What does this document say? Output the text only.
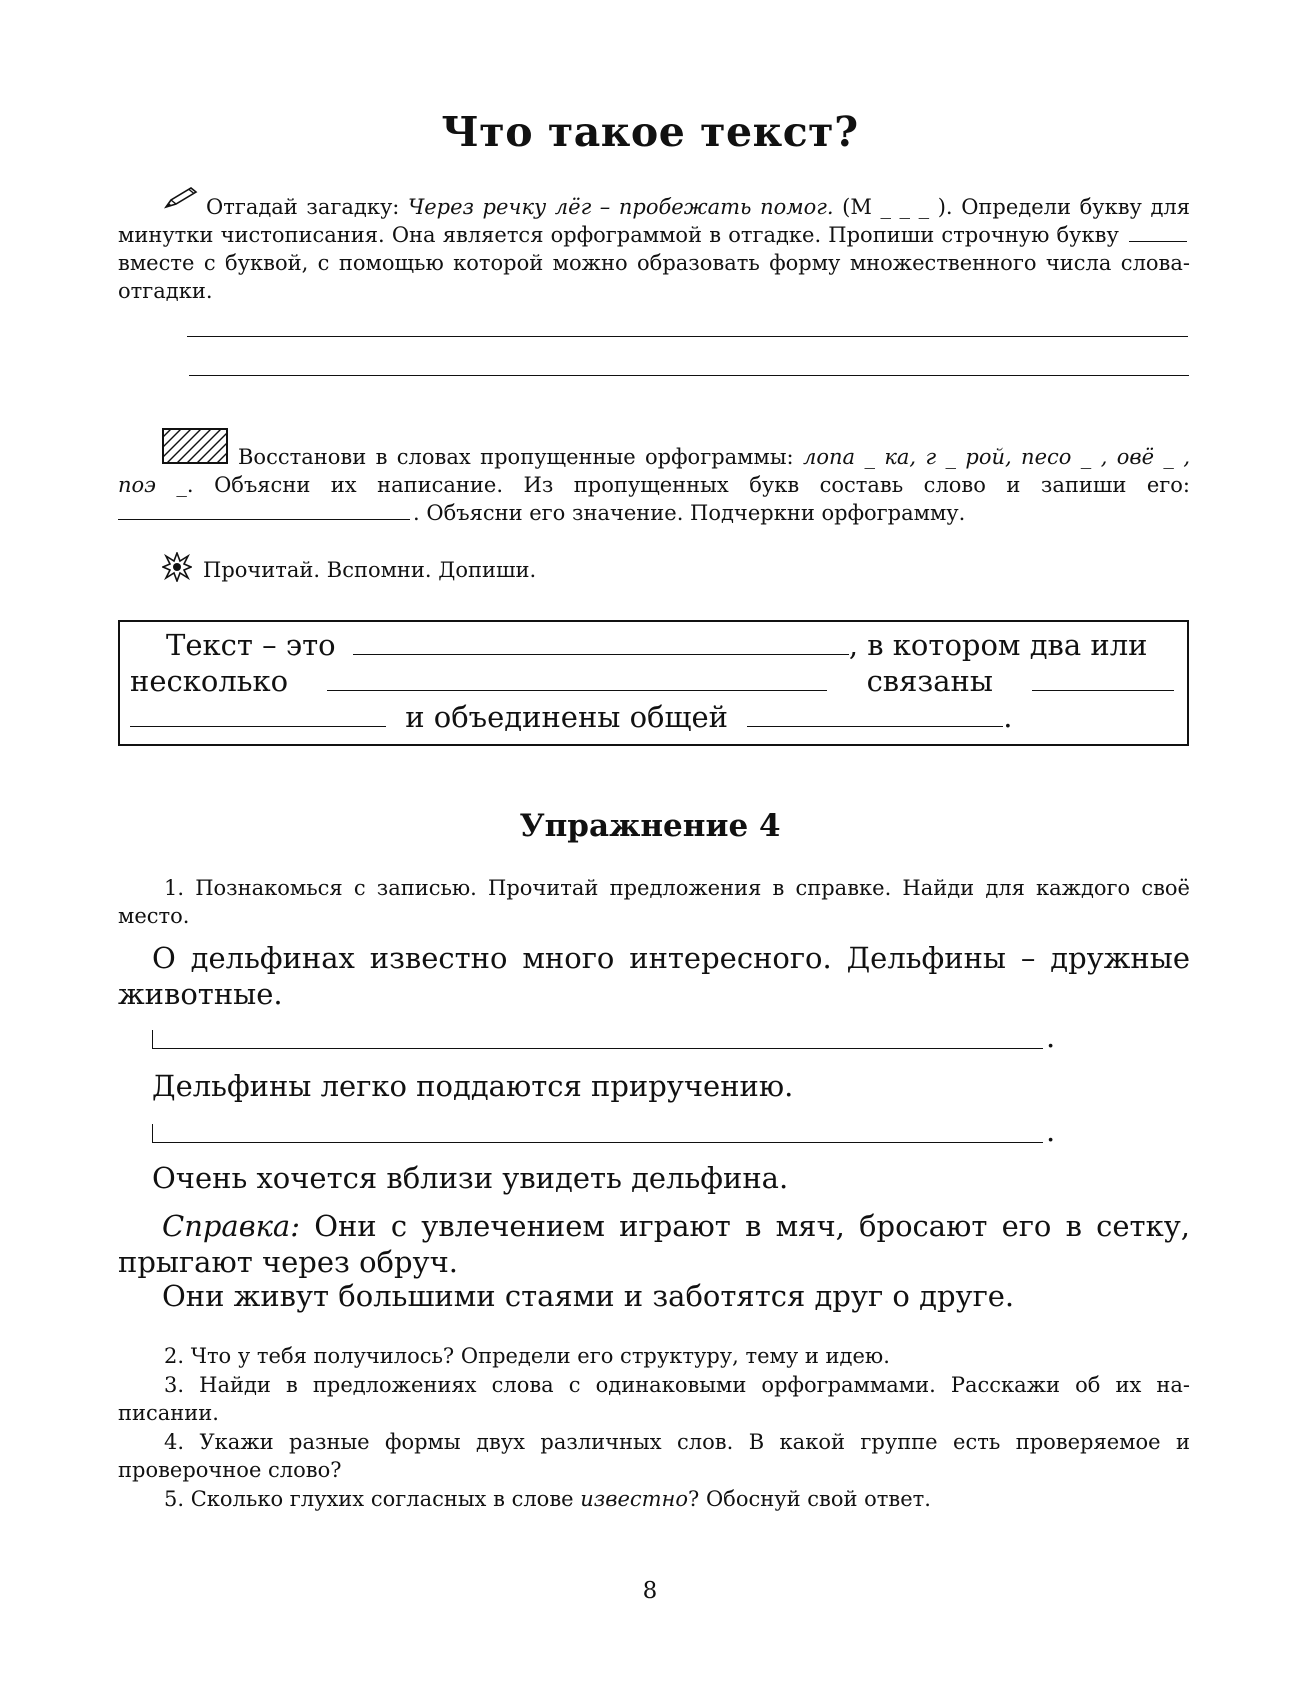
Что такое текст?

Отгадай загадку: Через речку лёг – пробежать помог. (М _ _ _ ). Определи букву для минутки чистописания. Она является орфограммой в отгадке. Пропиши строчную букву  вместе с буквой, с помощью которой можно образовать форму множественного числа слова-отгадки.

Восстанови в словах пропущенные орфограммы: лопа _ ка, г _ рой, песо _ , овё _ , поэ _. Объясни их написание. Из пропущенных букв составь слово и запиши его: . Объясни его значение. Подчеркни орфограмму.

Прочитай. Вспомни. Допиши.

Текст – это	, в котором два или
несколько	связаны
и объединены общей	.
Упражнение 4

1. Познакомься с записью. Прочитай предложения в справке. Найди для каждого своё место.

О дельфинах известно много интересного. Дельфины – дружные животные.

.

Дельфины легко поддаются приручению.

.

Очень хочется вблизи увидеть дельфина.

Справка: Они с увлечением играют в мяч, бросают его в сетку, прыгают через обруч.

Они живут большими стаями и заботятся друг о друге.

2. Что у тебя получилось? Определи его структуру, тему и идею.

3. Найди в предложениях слова с одинаковыми орфограммами. Расскажи об их написании.

4. Укажи разные формы двух различных слов. В какой группе есть проверяемое и проверочное слово?

5. Сколько глухих согласных в слове известно? Обоснуй свой ответ.

8
